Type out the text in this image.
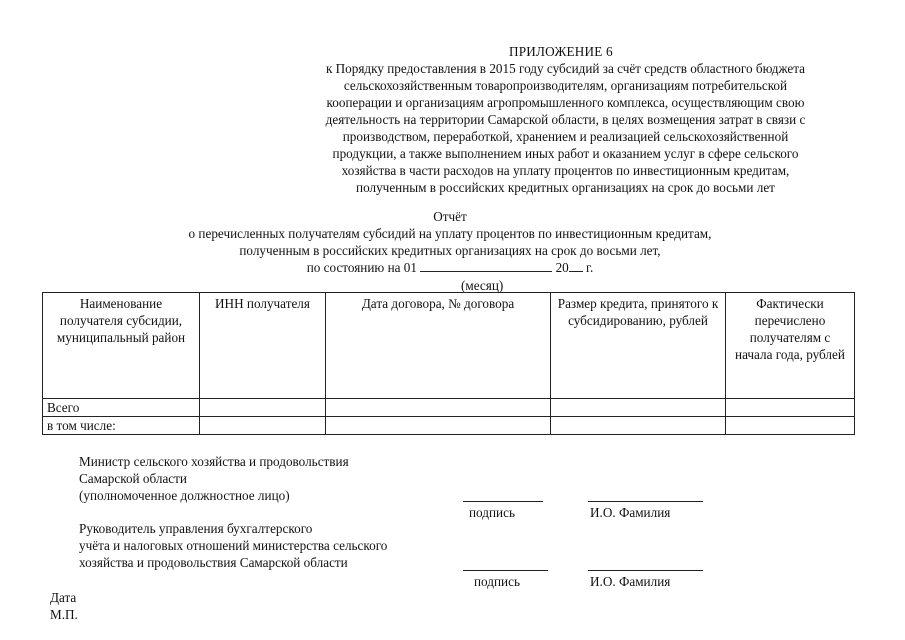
ПРИЛОЖЕНИЕ 6
к Порядку предоставления в 2015 году субсидий за счёт средств областного бюджета
сельскохозяйственным товаропроизводителям, организациям потребительской
кооперации и организациям агропромышленного комплекса, осуществляющим свою
деятельность на территории Самарской области, в целях возмещения затрат в связи с
производством, переработкой, хранением и реализацией сельскохозяйственной
продукции, а также выполнением иных работ и оказанием услуг в сфере сельского
хозяйства в части расходов на уплату процентов по инвестиционным кредитам,
полученным в российских кредитных организациях на срок до восьми лет
Отчёт
о перечисленных получателям субсидий на уплату процентов по инвестиционным кредитам,
полученным в российских кредитных организациях на срок до восьми лет,
по состоянию на 01	20 г.
(месяц)
Наименование получателя субсидии, муниципальный район	ИНН получателя	Дата договора, № договора	Размер кредита, принятого к субсидированию, рублей	Фактически перечислено получателям с начала года, рублей
Всего				
в том числе:				
Министр сельского хозяйства и продовольствия
Самарской области
(уполномоченное должностное лицо)
подпись	И.О. Фамилия
Руководитель управления бухгалтерского
учёта и налоговых отношений министерства сельского
хозяйства и продовольствия Самарской области
подпись	И.О. Фамилия
Дата
М.П.
